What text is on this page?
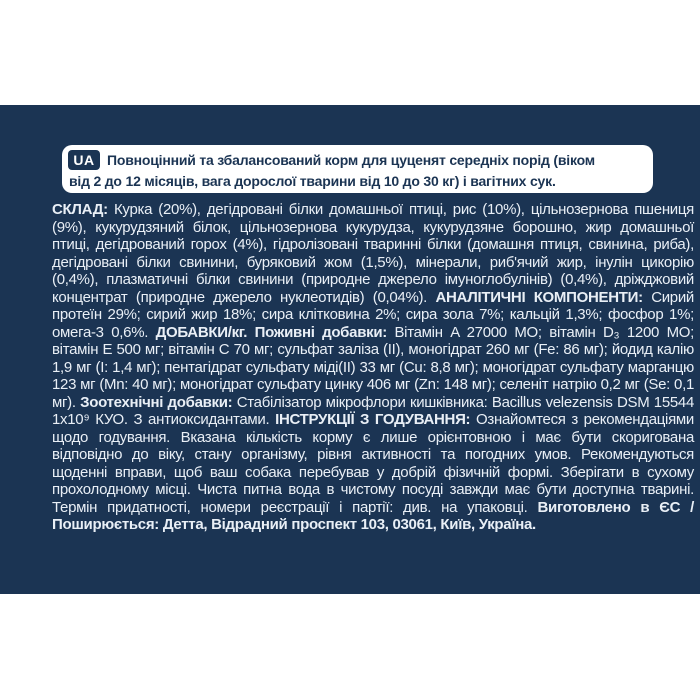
UA Повноцінний та збалансований корм для цуценят середніх порід (віком
від 2 до 12 місяців, вага дорослої тварини від 10 до 30 кг) і вагітних сук.
СКЛАД: Курка (20%), дегідровані білки домашньої птиці, рис (10%), цільнозернова пшениця (9%), кукурудзяний білок, цільнозернова кукурудза, кукурудзяне борошно, жир домашньої птиці, дегідрований горох (4%), гідролізовані тваринні білки (домашня птиця, свинина, риба), дегідровані білки свинини, буряковий жом (1,5%), мінерали, риб'ячий жир, інулін цикорію (0,4%), плазматичні білки свинини (природне джерело імуноглобулінів) (0,4%), дріжджовий концентрат (природне джерело нуклеотидів) (0,04%). АНАЛІТИЧНІ КОМПОНЕНТИ: Сирий протеїн 29%; сирий жир 18%; сира клітковина 2%; сира зола 7%; кальцій 1,3%; фосфор 1%; омега-3 0,6%. ДОБАВКИ/кг. Поживні добавки: Вітамін A 27000 МО; вітамін D₃ 1200 МО; вітамін E 500 мг; вітамін C 70 мг; сульфат заліза (II), моногідрат 260 мг (Fe: 86 мг); йодид калію 1,9 мг (I: 1,4 мг); пентагідрат сульфату міді(II) 33 мг (Cu: 8,8 мг); моногідрат сульфату марганцю 123 мг (Mn: 40 мг); моногідрат сульфату цинку 406 мг (Zn: 148 мг); селеніт натрію 0,2 мг (Se: 0,1 мг). Зоотехнічні добавки: Стабілізатор мікрофлори кишківника: Bacillus velezensis DSM 15544 1x10⁹ КУО. З антиоксидантами. ІНСТРУКЦІЇ З ГОДУВАННЯ: Ознайомтеся з рекомендаціями щодо годування. Вказана кількість корму є лише орієнтовною і має бути скоригована відповідно до віку, стану організму, рівня активності та погодних умов. Рекомендуються щоденні вправи, щоб ваш собака перебував у добрій фізичній формі. Зберігати в сухому прохолодному місці. Чиста питна вода в чистому посуді завжди має бути доступна тварині. Термін придатності, номери реєстрації і партії: див. на упаковці. Виготовлено в ЄС / Поширюється: Детта, Відрадний проспект 103, 03061, Київ, Україна.
